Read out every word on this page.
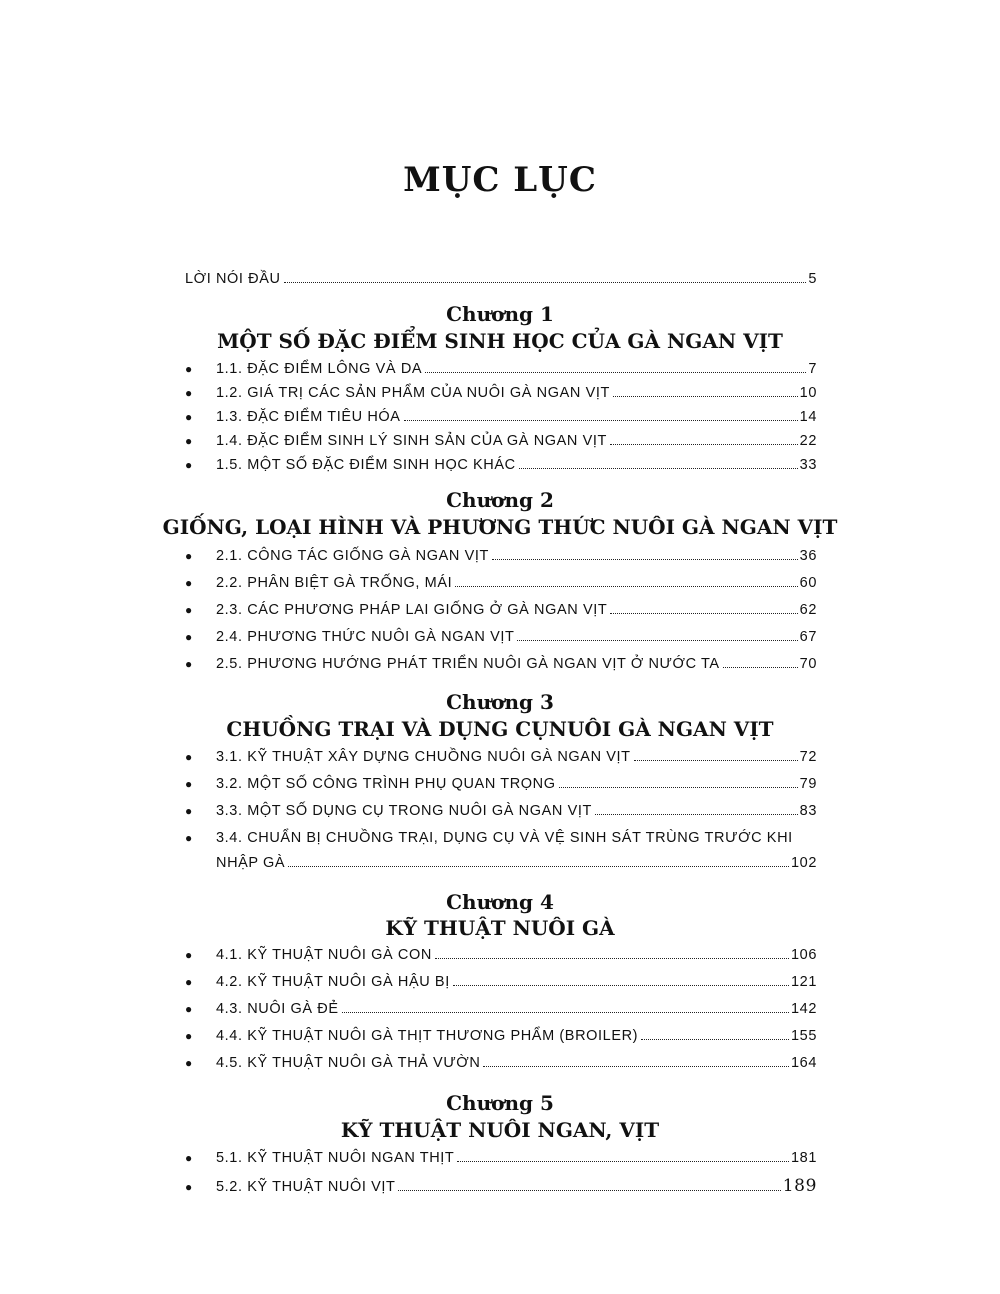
MỤC LỤC
LỜI NÓI ĐẦU	5
Chương 1
MỘT SỐ ĐẶC ĐIỂM SINH HỌC CỦA GÀ NGAN VỊT
●	1.1. ĐẶC ĐIỂM LÔNG VÀ DA	7
●	1.2. GIÁ TRỊ CÁC SẢN PHẨM CỦA NUÔI GÀ NGAN VỊT	10
●	1.3. ĐẶC ĐIỂM TIÊU HÓA	14
●	1.4. ĐẶC ĐIỂM SINH LÝ SINH SẢN CỦA GÀ NGAN VỊT	22
●	1.5. MỘT SỐ ĐẶC ĐIỂM SINH HỌC KHÁC	33
Chương 2
GIỐNG, LOẠI HÌNH VÀ PHƯƠNG THỨC NUÔI GÀ NGAN VỊT
●	2.1. CÔNG TÁC GIỐNG GÀ NGAN VỊT	36
●	2.2. PHÂN BIỆT GÀ TRỐNG, MÁI	60
●	2.3. CÁC PHƯƠNG PHÁP LAI GIỐNG Ở GÀ NGAN VỊT	62
●	2.4. PHƯƠNG THỨC NUÔI GÀ NGAN VỊT	67
●	2.5. PHƯƠNG HƯỚNG PHÁT TRIỂN NUÔI GÀ NGAN VỊT Ở NƯỚC TA	70
Chương 3
CHUỒNG TRẠI VÀ DỤNG CỤNUÔI GÀ NGAN VỊT
●	3.1. KỸ THUẬT XÂY DỰNG CHUỒNG NUÔI GÀ NGAN VỊT	72
●	3.2. MỘT SỐ CÔNG TRÌNH PHỤ QUAN TRỌNG	79
●	3.3. MỘT SỐ DỤNG CỤ TRONG NUÔI GÀ NGAN VỊT	83
●	3.4. CHUẨN BỊ CHUỒNG TRẠI, DỤNG CỤ VÀ VỆ SINH SÁT TRÙNG TRƯỚC KHI
NHẬP GÀ	102
Chương 4
KỸ THUẬT NUÔI GÀ
●	4.1. KỸ THUẬT NUÔI GÀ CON	106
●	4.2. KỸ THUẬT NUÔI GÀ HẬU BỊ	121
●	4.3. NUÔI GÀ ĐẺ	142
●	4.4. KỸ THUẬT NUÔI GÀ THỊT THƯƠNG PHẨM (BROILER)	155
●	4.5. KỸ THUẬT NUÔI GÀ THẢ VƯỜN	164
Chương 5
KỸ THUẬT NUÔI NGAN, VỊT
●	5.1. KỸ THUẬT NUÔI NGAN THỊT	181
●	5.2. KỸ THUẬT NUÔI VỊT	189
